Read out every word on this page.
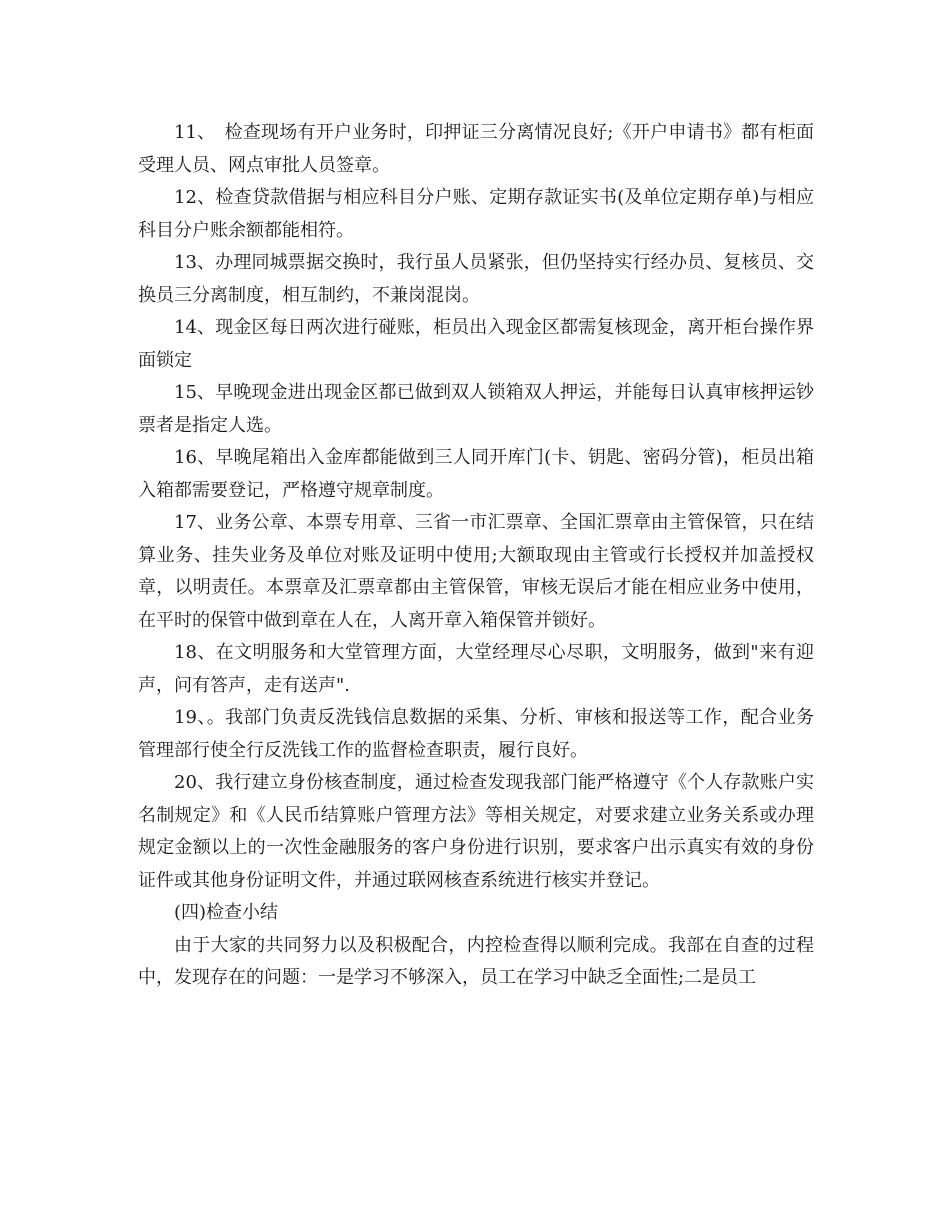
11、　检查现场有开户业务时，印押证三分离情况良好;《开户申请书》都有柜面受理人员、网点审批人员签章。

12、检查贷款借据与相应科目分户账、定期存款证实书(及单位定期存单)与相应科目分户账余额都能相符。

13、办理同城票据交换时，我行虽人员紧张，但仍坚持实行经办员、复核员、交换员三分离制度，相互制约，不兼岗混岗。

14、现金区每日两次进行碰账，柜员出入现金区都需复核现金，离开柜台操作界面锁定

15、早晚现金进出现金区都已做到双人锁箱双人押运，并能每日认真审核押运钞票者是指定人选。

16、早晚尾箱出入金库都能做到三人同开库门(卡、钥匙、密码分管)，柜员出箱入箱都需要登记，严格遵守规章制度。

17、业务公章、本票专用章、三省一市汇票章、全国汇票章由主管保管，只在结算业务、挂失业务及单位对账及证明中使用;大额取现由主管或行长授权并加盖授权章，以明责任。本票章及汇票章都由主管保管，审核无误后才能在相应业务中使用，在平时的保管中做到章在人在，人离开章入箱保管并锁好。

18、在文明服务和大堂管理方面，大堂经理尽心尽职，文明服务，做到"来有迎声，问有答声，走有送声".

19、。我部门负责反洗钱信息数据的采集、分析、审核和报送等工作，配合业务管理部行使全行反洗钱工作的监督检查职责，履行良好。

20、我行建立身份核查制度，通过检查发现我部门能严格遵守《个人存款账户实名制规定》和《人民币结算账户管理方法》等相关规定，对要求建立业务关系或办理规定金额以上的一次性金融服务的客户身份进行识别，要求客户出示真实有效的身份证件或其他身份证明文件，并通过联网核查系统进行核实并登记。

(四)检查小结

由于大家的共同努力以及积极配合，内控检查得以顺利完成。我部在自查的过程中，发现存在的问题：一是学习不够深入，员工在学习中缺乏全面性;二是员工
